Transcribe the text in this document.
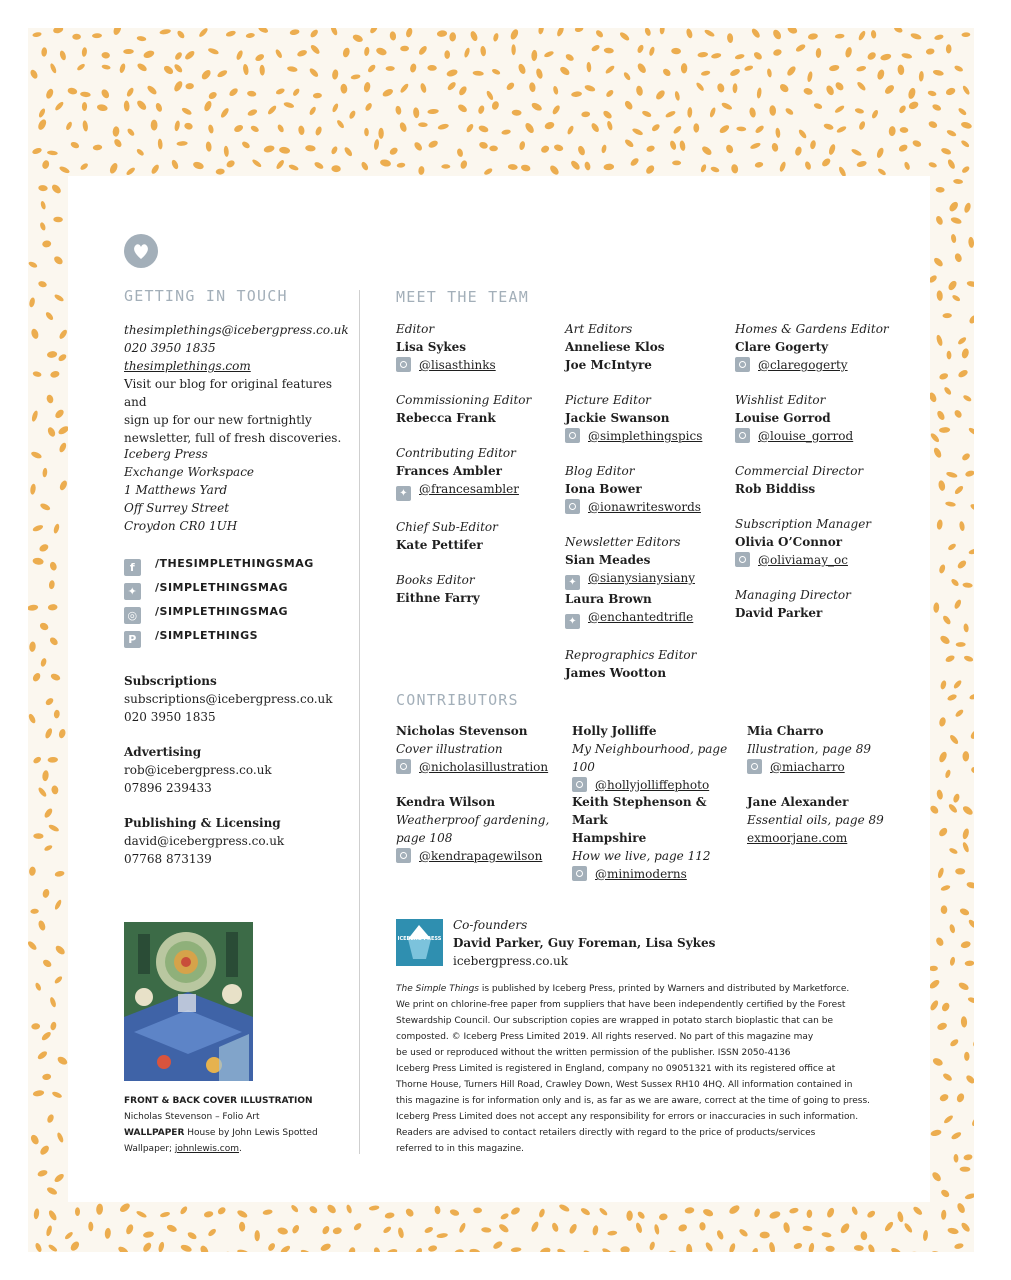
GETTING IN TOUCH
thesimplethings@icebergpress.co.uk
020 3950 1835
thesimplethings.com
Visit our blog for original features and
sign up for our new fortnightly
newsletter, full of fresh discoveries.
Iceberg Press
Exchange Workspace
1 Matthews Yard
Off Surrey Street
Croydon CR0 1UH
f /THESIMPLETHINGSMAG
✦ /SIMPLETHINGSMAG
◎ /SIMPLETHINGSMAG
P /SIMPLETHINGS
Subscriptions
subscriptions@icebergpress.co.uk
020 3950 1835
Advertising
rob@icebergpress.co.uk
07896 239433
Publishing & Licensing
david@icebergpress.co.uk
07768 873139
FRONT & BACK COVER ILLUSTRATION
Nicholas Stevenson – Folio Art
WALLPAPER House by John Lewis Spotted
Wallpaper; johnlewis.com.
MEET THE TEAM
Editor
Lisa Sykes
@lisasthinks
Commissioning Editor
Rebecca Frank
Contributing Editor
Frances Ambler
✦ @francesambler
Chief Sub-Editor
Kate Pettifer
Books Editor
Eithne Farry
Art Editors
Anneliese Klos
Joe McIntyre
Picture Editor
Jackie Swanson
@simplethingspics
Blog Editor
Iona Bower
@ionawriteswords
Newsletter Editors
Sian Meades
✦ @sianysianysiany
Laura Brown
✦ @enchantedtrifle
Reprographics Editor
James Wootton
Homes & Gardens Editor
Clare Gogerty
@claregogerty
Wishlist Editor
Louise Gorrod
@louise_gorrod
Commercial Director
Rob Biddiss
Subscription Manager
Olivia O’Connor
@oliviamay_oc
Managing Director
David Parker
CONTRIBUTORS
Nicholas Stevenson
Cover illustration
@nicholasillustration
Holly Jolliffe
My Neighbourhood, page 100
@hollyjolliffephoto
Mia Charro
Illustration, page 89
@miacharro
Kendra Wilson
Weatherproof gardening,
page 108
@kendrapagewilson
Keith Stephenson & Mark
Hampshire
How we live, page 112
@minimoderns
Jane Alexander
Essential oils, page 89
exmoorjane.com
ICEBERG PRESS
Co-founders
David Parker, Guy Foreman, Lisa Sykes
icebergpress.co.uk
The Simple Things is published by Iceberg Press, printed by Warners and distributed by Marketforce.
We print on chlorine-free paper from suppliers that have been independently certified by the Forest
Stewardship Council. Our subscription copies are wrapped in potato starch bioplastic that can be
composted. © Iceberg Press Limited 2019. All rights reserved. No part of this magazine may
be used or reproduced without the written permission of the publisher. ISSN 2050-4136
Iceberg Press Limited is registered in England, company no 09051321 with its registered office at
Thorne House, Turners Hill Road, Crawley Down, West Sussex RH10 4HQ. All information contained in
this magazine is for information only and is, as far as we are aware, correct at the time of going to press.
Iceberg Press Limited does not accept any responsibility for errors or inaccuracies in such information.
Readers are advised to contact retailers directly with regard to the price of products/services
referred to in this magazine.
